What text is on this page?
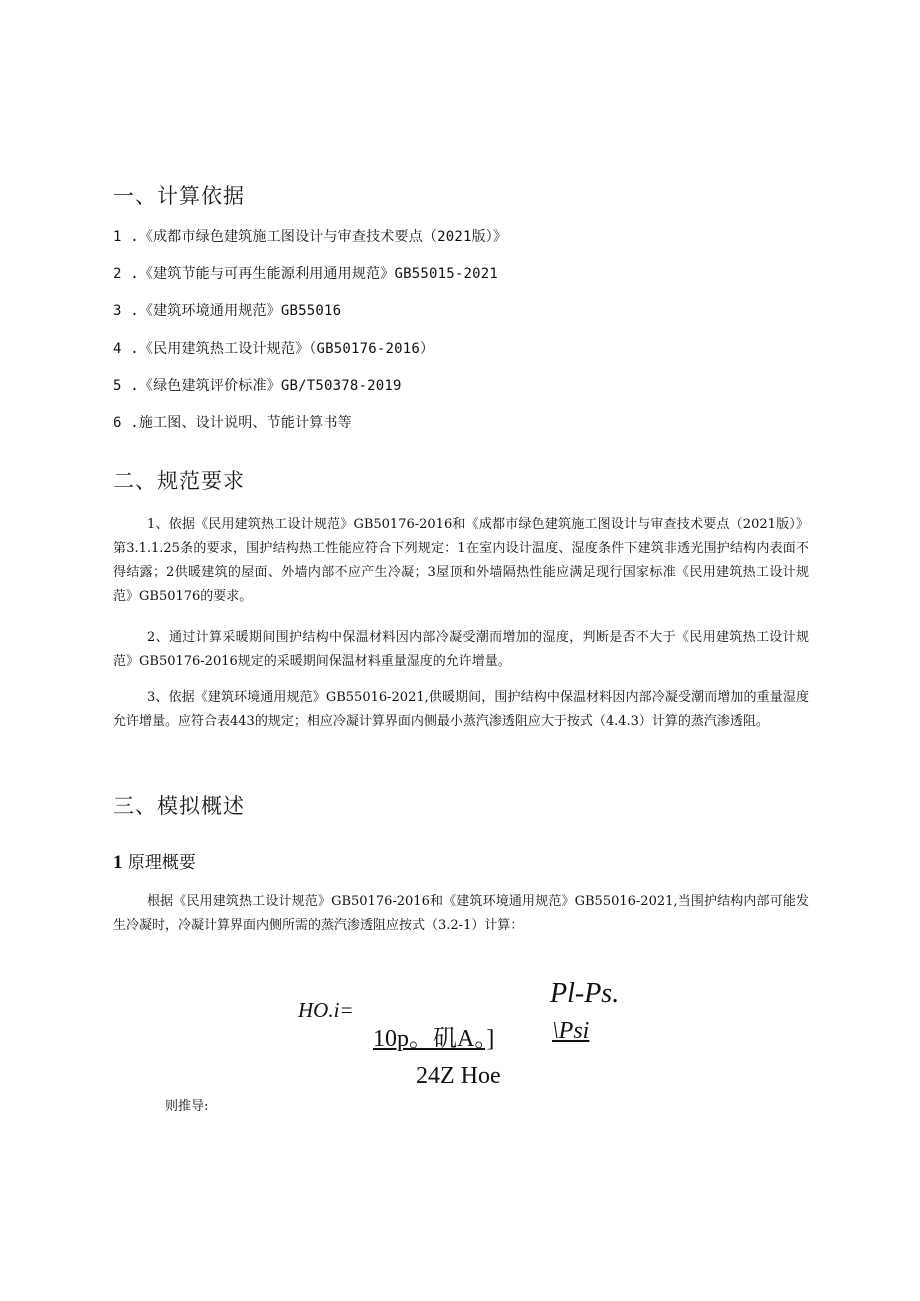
一、计算依据
1 .《成都市绿色建筑施工图设计与审查技术要点（2021版）》
2 .《建筑节能与可再生能源利用通用规范》GB55015-2021
3 .《建筑环境通用规范》GB55016
4 .《民用建筑热工设计规范》（GB50176-2016）
5 .《绿色建筑评价标准》GB/T50378-2019
6 .施工图、设计说明、节能计算书等
二、规范要求
1、依据《民用建筑热工设计规范》GB50176-2016和《成都市绿色建筑施工图设计与审查技术要点（2021版）》第3.1.1.25条的要求，围护结构热工性能应符合下列规定：1在室内设计温度、湿度条件下建筑非透光围护结构内表面不得结露；2供暖建筑的屋面、外墙内部不应产生冷凝；3屋顶和外墙隔热性能应满足现行国家标准《民用建筑热工设计规范》GB50176的要求。
2、通过计算采暖期间围护结构中保温材料因内部冷凝受潮而增加的湿度，判断是否不大于《民用建筑热工设计规范》GB50176-2016规定的采暖期间保温材料重量湿度的允许增量。
3、依据《建筑环境通用规范》GB55016-2021,供暖期间，围护结构中保温材料因内部冷凝受潮而增加的重量湿度允许增量。应符合表443的规定；相应冷凝计算界面内侧最小蒸汽渗透阻应大于按式（4.4.3）计算的蒸汽渗透阻。
三、模拟概述
1 原理概要
根据《民用建筑热工设计规范》GB50176-2016和《建筑环境通用规范》GB55016-2021,当围护结构内部可能发生冷凝时，冷凝计算界面内侧所需的蒸汽渗透阻应按式（3.2-1）计算：
HO.i=
Pl-Ps.
10p。矶A。] \Psi
24Z Hoe
则推导:
